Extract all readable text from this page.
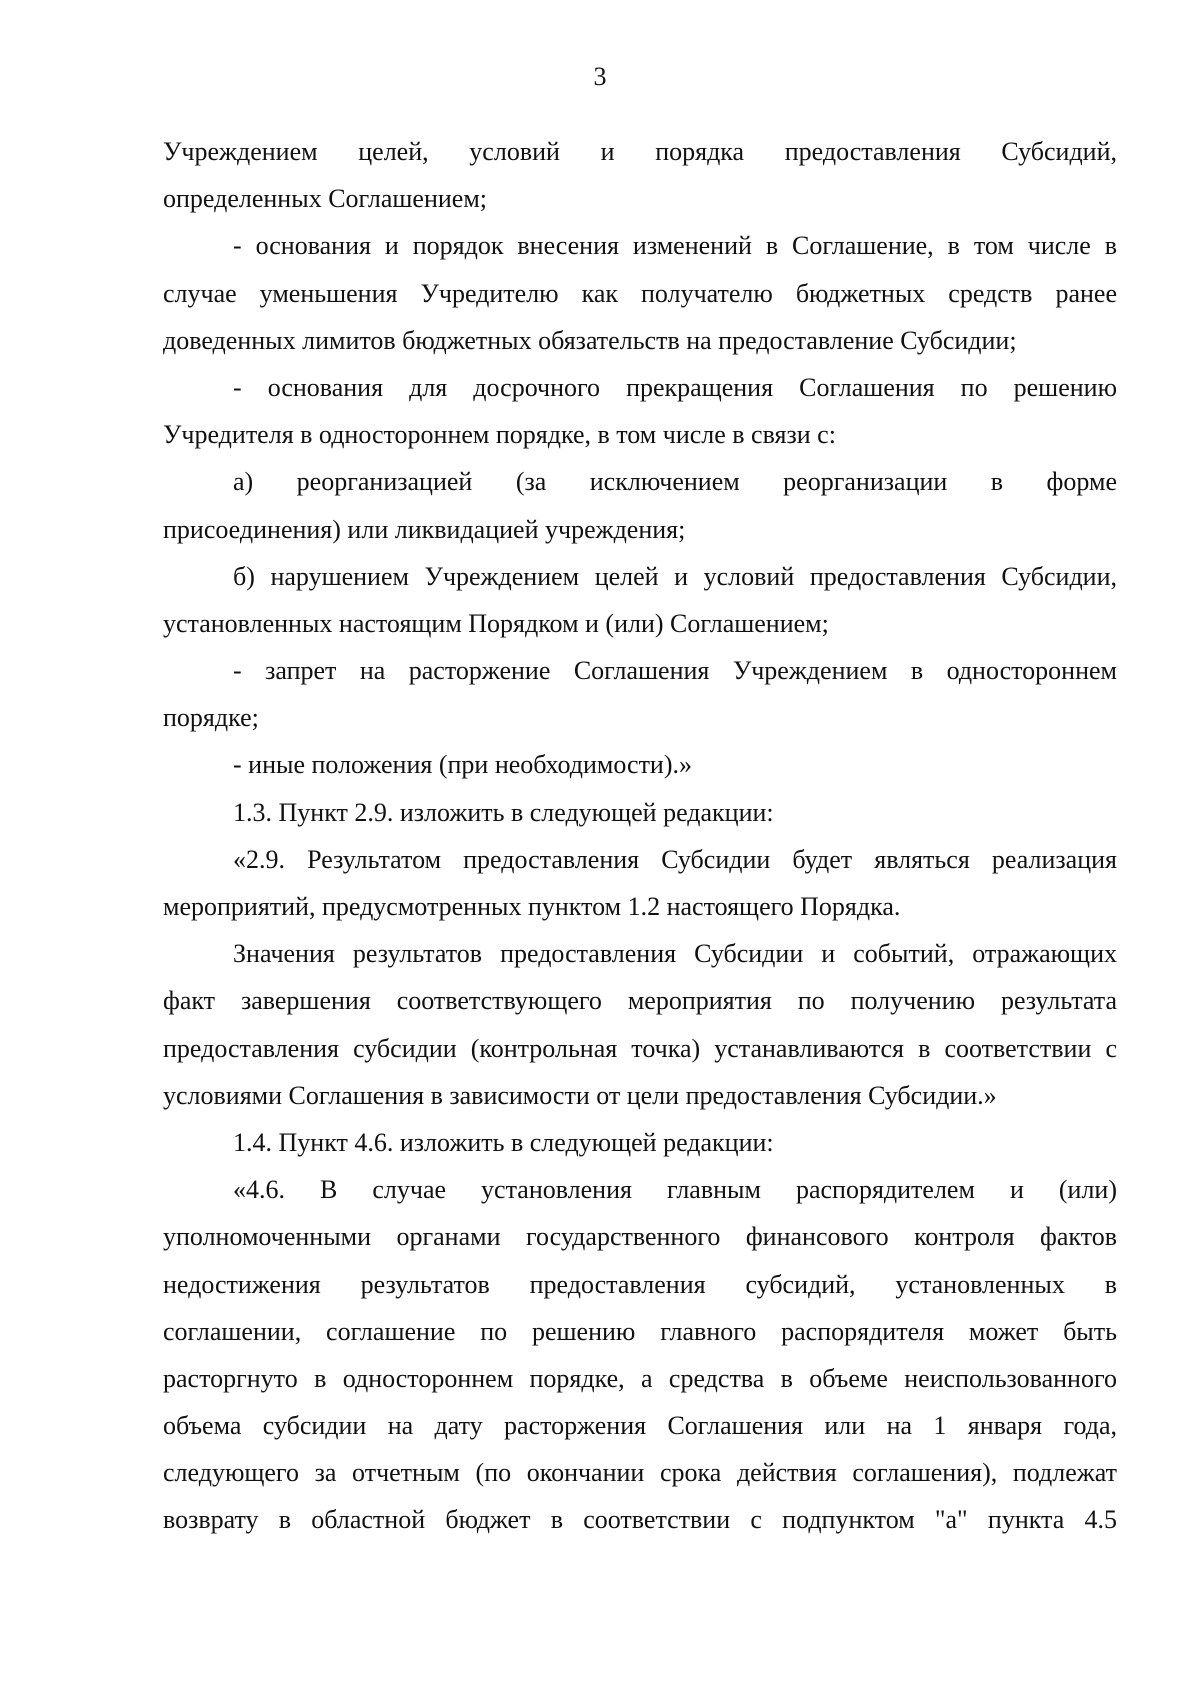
3
Учреждением целей, условий и порядка предоставления Субсидий,
определенных Соглашением;
- основания и порядок внесения изменений в Соглашение, в том числе в
случае уменьшения Учредителю как получателю бюджетных средств ранее
доведенных лимитов бюджетных обязательств на предоставление Субсидии;
- основания для досрочного прекращения Соглашения по решению
Учредителя в одностороннем порядке, в том числе в связи с:
а) реорганизацией (за исключением реорганизации в форме
присоединения) или ликвидацией учреждения;
б) нарушением Учреждением целей и условий предоставления Субсидии,
установленных настоящим Порядком и (или) Соглашением;
- запрет на расторжение Соглашения Учреждением в одностороннем
порядке;
- иные положения (при необходимости).»
1.3. Пункт 2.9. изложить в следующей редакции:
«2.9. Результатом предоставления Субсидии будет являться реализация
мероприятий, предусмотренных пунктом 1.2 настоящего Порядка.
Значения результатов предоставления Субсидии и событий, отражающих
факт завершения соответствующего мероприятия по получению результата
предоставления субсидии (контрольная точка) устанавливаются в соответствии с
условиями Соглашения в зависимости от цели предоставления Субсидии.»
1.4. Пункт 4.6. изложить в следующей редакции:
«4.6. В случае установления главным распорядителем и (или)
уполномоченными органами государственного финансового контроля фактов
недостижения результатов предоставления субсидий, установленных в
соглашении, соглашение по решению главного распорядителя может быть
расторгнуто в одностороннем порядке, а средства в объеме неиспользованного
объема субсидии на дату расторжения Соглашения или на 1 января года,
следующего за отчетным (по окончании срока действия соглашения), подлежат
возврату в областной бюджет в соответствии с подпунктом "а" пункта 4.5
